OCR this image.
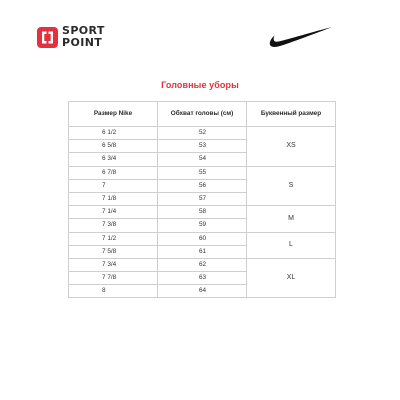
SPORT
POINT
Головные уборы
Размер Nike	Обхват головы (см)	Буквенный размер
6 1/2	52	XS
6 5/8	53	
6 3/4	54	
6 7/8	55	S
7	56	
7 1/8	57	
7 1/4	58	M
7 3/8	59	
7 1/2	60	L
7 5/8	61	
7 3/4	62	XL
7 7/8	63	
8	64	
